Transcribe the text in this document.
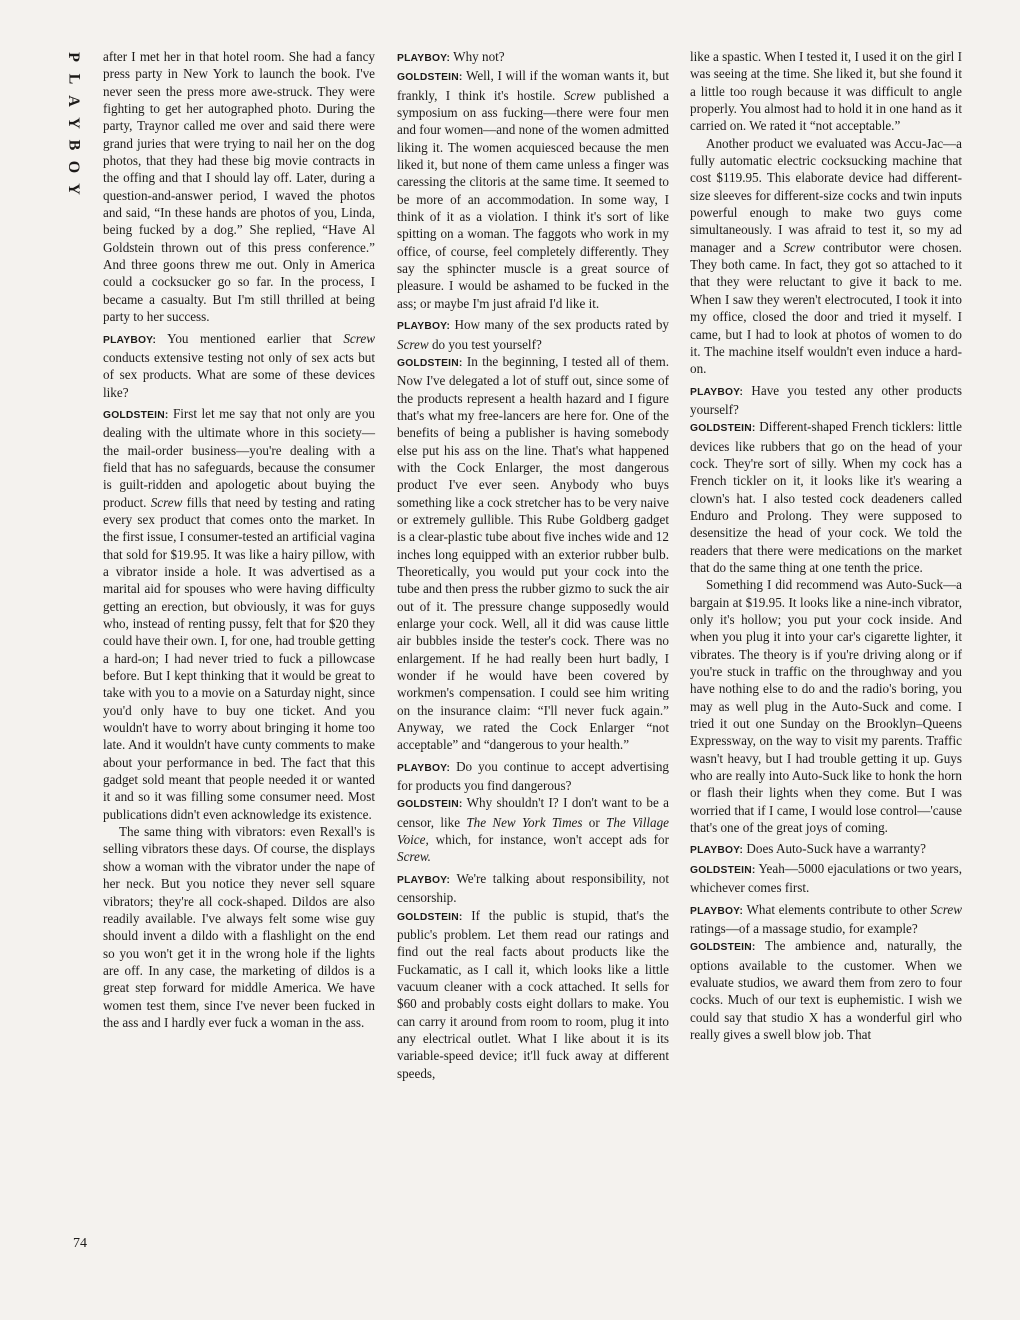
P
L
A
Y
B
O
Y

after I met her in that hotel room. She had a fancy press party in New York to launch the book. I've never seen the press more awe-struck. They were fighting to get her autographed photo. During the party, Traynor called me over and said there were grand juries that were trying to nail her on the dog photos, that they had these big movie contracts in the offing and that I should lay off. Later, during a question-and-answer period, I waved the photos and said, “In these hands are photos of you, Linda, being fucked by a dog.” She replied, “Have Al Goldstein thrown out of this press conference.” And three goons threw me out. Only in America could a cocksucker go so far. In the process, I became a casualty. But I'm still thrilled at being party to her success.

PLAYBOY: You mentioned earlier that Screw conducts extensive testing not only of sex acts but of sex products. What are some of these devices like?

GOLDSTEIN: First let me say that not only are you dealing with the ultimate whore in this society—the mail-order business—you're dealing with a field that has no safeguards, because the consumer is guilt-ridden and apologetic about buying the product. Screw fills that need by testing and rating every sex product that comes onto the market. In the first issue, I consumer-tested an artificial vagina that sold for $19.95. It was like a hairy pillow, with a vibrator inside a hole. It was advertised as a marital aid for spouses who were having difficulty getting an erection, but obviously, it was for guys who, instead of renting pussy, felt that for $20 they could have their own. I, for one, had trouble getting a hard-on; I had never tried to fuck a pillowcase before. But I kept thinking that it would be great to take with you to a movie on a Saturday night, since you'd only have to buy one ticket. And you wouldn't have to worry about bringing it home too late. And it wouldn't have cunty comments to make about your performance in bed. The fact that this gadget sold meant that people needed it or wanted it and so it was filling some consumer need. Most publications didn't even acknowledge its existence.

The same thing with vibrators: even Rexall's is selling vibrators these days. Of course, the displays show a woman with the vibrator under the nape of her neck. But you notice they never sell square vibrators; they're all cock-shaped. Dildos are also readily available. I've always felt some wise guy should invent a dildo with a flashlight on the end so you won't get it in the wrong hole if the lights are off. In any case, the marketing of dildos is a great step forward for middle America. We have women test them, since I've never been fucked in the ass and I hardly ever fuck a woman in the ass.

PLAYBOY: Why not?

GOLDSTEIN: Well, I will if the woman wants it, but frankly, I think it's hostile. Screw published a symposium on ass fucking—there were four men and four women—and none of the women admitted liking it. The women acquiesced because the men liked it, but none of them came unless a finger was caressing the clitoris at the same time. It seemed to be more of an accommodation. In some way, I think of it as a violation. I think it's sort of like spitting on a woman. The faggots who work in my office, of course, feel completely differently. They say the sphincter muscle is a great source of pleasure. I would be ashamed to be fucked in the ass; or maybe I'm just afraid I'd like it.

PLAYBOY: How many of the sex products rated by Screw do you test yourself?

GOLDSTEIN: In the beginning, I tested all of them. Now I've delegated a lot of stuff out, since some of the products represent a health hazard and I figure that's what my free-lancers are here for. One of the benefits of being a publisher is having somebody else put his ass on the line. That's what happened with the Cock Enlarger, the most dangerous product I've ever seen. Anybody who buys something like a cock stretcher has to be very naive or extremely gullible. This Rube Goldberg gadget is a clear-plastic tube about five inches wide and 12 inches long equipped with an exterior rubber bulb. Theoretically, you would put your cock into the tube and then press the rubber gizmo to suck the air out of it. The pressure change supposedly would enlarge your cock. Well, all it did was cause little air bubbles inside the tester's cock. There was no enlargement. If he had really been hurt badly, I wonder if he would have been covered by workmen's compensation. I could see him writing on the insurance claim: “I'll never fuck again.” Anyway, we rated the Cock Enlarger “not acceptable” and “dangerous to your health.”

PLAYBOY: Do you continue to accept advertising for products you find dangerous?

GOLDSTEIN: Why shouldn't I? I don't want to be a censor, like The New York Times or The Village Voice, which, for instance, won't accept ads for Screw.

PLAYBOY: We're talking about responsibility, not censorship.

GOLDSTEIN: If the public is stupid, that's the public's problem. Let them read our ratings and find out the real facts about products like the Fuckamatic, as I call it, which looks like a little vacuum cleaner with a cock attached. It sells for $60 and probably costs eight dollars to make. You can carry it around from room to room, plug it into any electrical outlet. What I like about it is its variable-speed device; it'll fuck away at different speeds,

like a spastic. When I tested it, I used it on the girl I was seeing at the time. She liked it, but she found it a little too rough because it was difficult to angle properly. You almost had to hold it in one hand as it carried on. We rated it “not acceptable.”

Another product we evaluated was Accu-Jac—a fully automatic electric cocksucking machine that cost $119.95. This elaborate device had different-size sleeves for different-size cocks and twin inputs powerful enough to make two guys come simultaneously. I was afraid to test it, so my ad manager and a Screw contributor were chosen. They both came. In fact, they got so attached to it that they were reluctant to give it back to me. When I saw they weren't electrocuted, I took it into my office, closed the door and tried it myself. I came, but I had to look at photos of women to do it. The machine itself wouldn't even induce a hard-on.

PLAYBOY: Have you tested any other products yourself?

GOLDSTEIN: Different-shaped French ticklers: little devices like rubbers that go on the head of your cock. They're sort of silly. When my cock has a French tickler on it, it looks like it's wearing a clown's hat. I also tested cock deadeners called Enduro and Prolong. They were supposed to desensitize the head of your cock. We told the readers that there were medications on the market that do the same thing at one tenth the price.

Something I did recommend was Auto-Suck—a bargain at $19.95. It looks like a nine-inch vibrator, only it's hollow; you put your cock inside. And when you plug it into your car's cigarette lighter, it vibrates. The theory is if you're driving along or if you're stuck in traffic on the throughway and you have nothing else to do and the radio's boring, you may as well plug in the Auto-Suck and come. I tried it out one Sunday on the Brooklyn–Queens Expressway, on the way to visit my parents. Traffic wasn't heavy, but I had trouble getting it up. Guys who are really into Auto-Suck like to honk the horn or flash their lights when they come. But I was worried that if I came, I would lose control—'cause that's one of the great joys of coming.

PLAYBOY: Does Auto-Suck have a warranty?

GOLDSTEIN: Yeah—5000 ejaculations or two years, whichever comes first.

PLAYBOY: What elements contribute to other Screw ratings—of a massage studio, for example?

GOLDSTEIN: The ambience and, naturally, the options available to the customer. When we evaluate studios, we award them from zero to four cocks. Much of our text is euphemistic. I wish we could say that studio X has a wonderful girl who really gives a swell blow job. That

74
